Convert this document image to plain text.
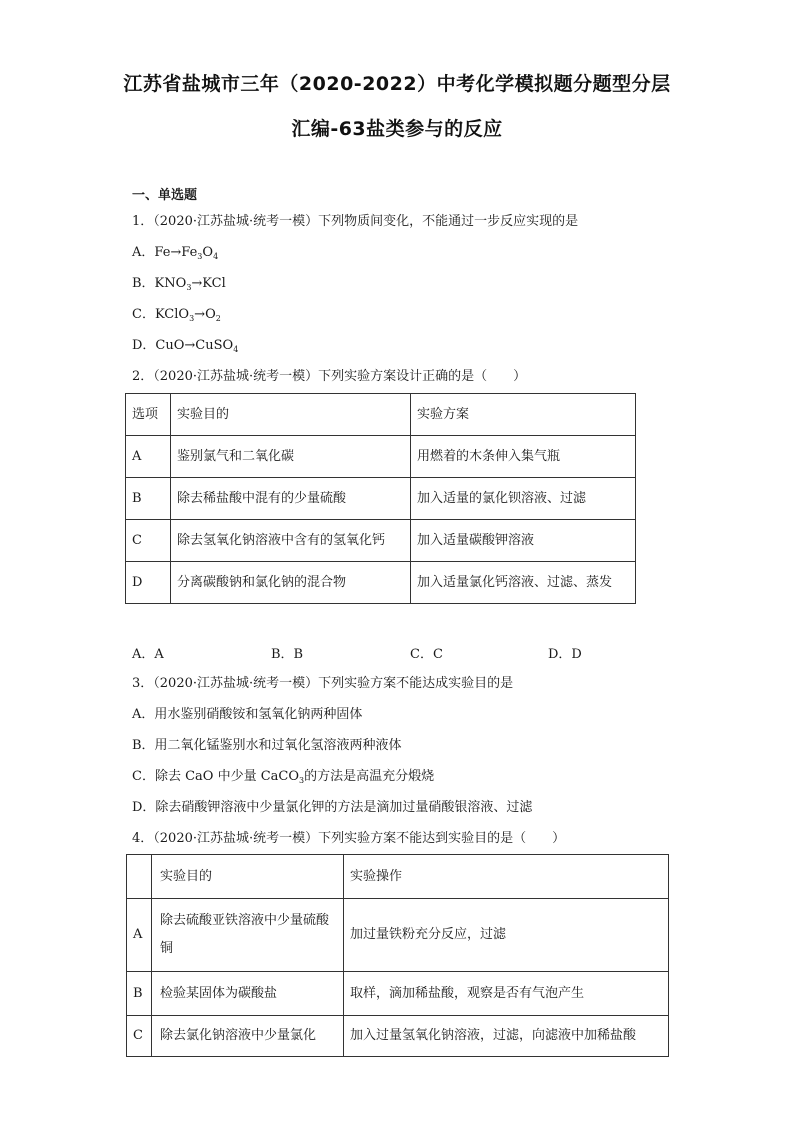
江苏省盐城市三年（2020-2022）中考化学模拟题分题型分层
汇编-63盐类参与的反应
一、单选题
1．（2020·江苏盐城·统考一模）下列物质间变化，不能通过一步反应实现的是
A．$Fe\to Fe_3O_4$
B．$KNO_3\to KCl$
C．$KClO_3\to O_2$
D．CuO→CuSO$_4$
2．（2020·江苏盐城·统考一模）下列实验方案设计正确的是（　　）
选项	实验目的	实验方案
A	鉴别氯气和二氧化碳	用燃着的木条伸入集气瓶
B	除去稀盐酸中混有的少量硫酸	加入适量的氯化钡溶液、过滤
C	除去氢氧化钠溶液中含有的氢氧化钙	加入适量碳酸钾溶液
D	分离碳酸钠和氯化钠的混合物	加入适量氯化钙溶液、过滤、蒸发
A．A	B．B	C．C	D．D
3．（2020·江苏盐城·统考一模）下列实验方案不能达成实验目的是
A．用水鉴别硝酸铵和氢氧化钠两种固体
B．用二氧化锰鉴别水和过氧化氢溶液两种液体
C．除去 CaO 中少量 CaCO$_3$的方法是高温充分煅烧
D．除去硝酸钾溶液中少量氯化钾的方法是滴加过量硝酸银溶液、过滤
4．（2020·江苏盐城·统考一模）下列实验方案不能达到实验目的是（　　）
	实验目的	实验操作
A	除去硫酸亚铁溶液中少量硫酸铜	加过量铁粉充分反应，过滤
B	检验某固体为碳酸盐	取样，滴加稀盐酸，观察是否有气泡产生
C	除去氯化钠溶液中少量氯化	加入过量氢氧化钠溶液，过滤，向滤液中加稀盐酸
